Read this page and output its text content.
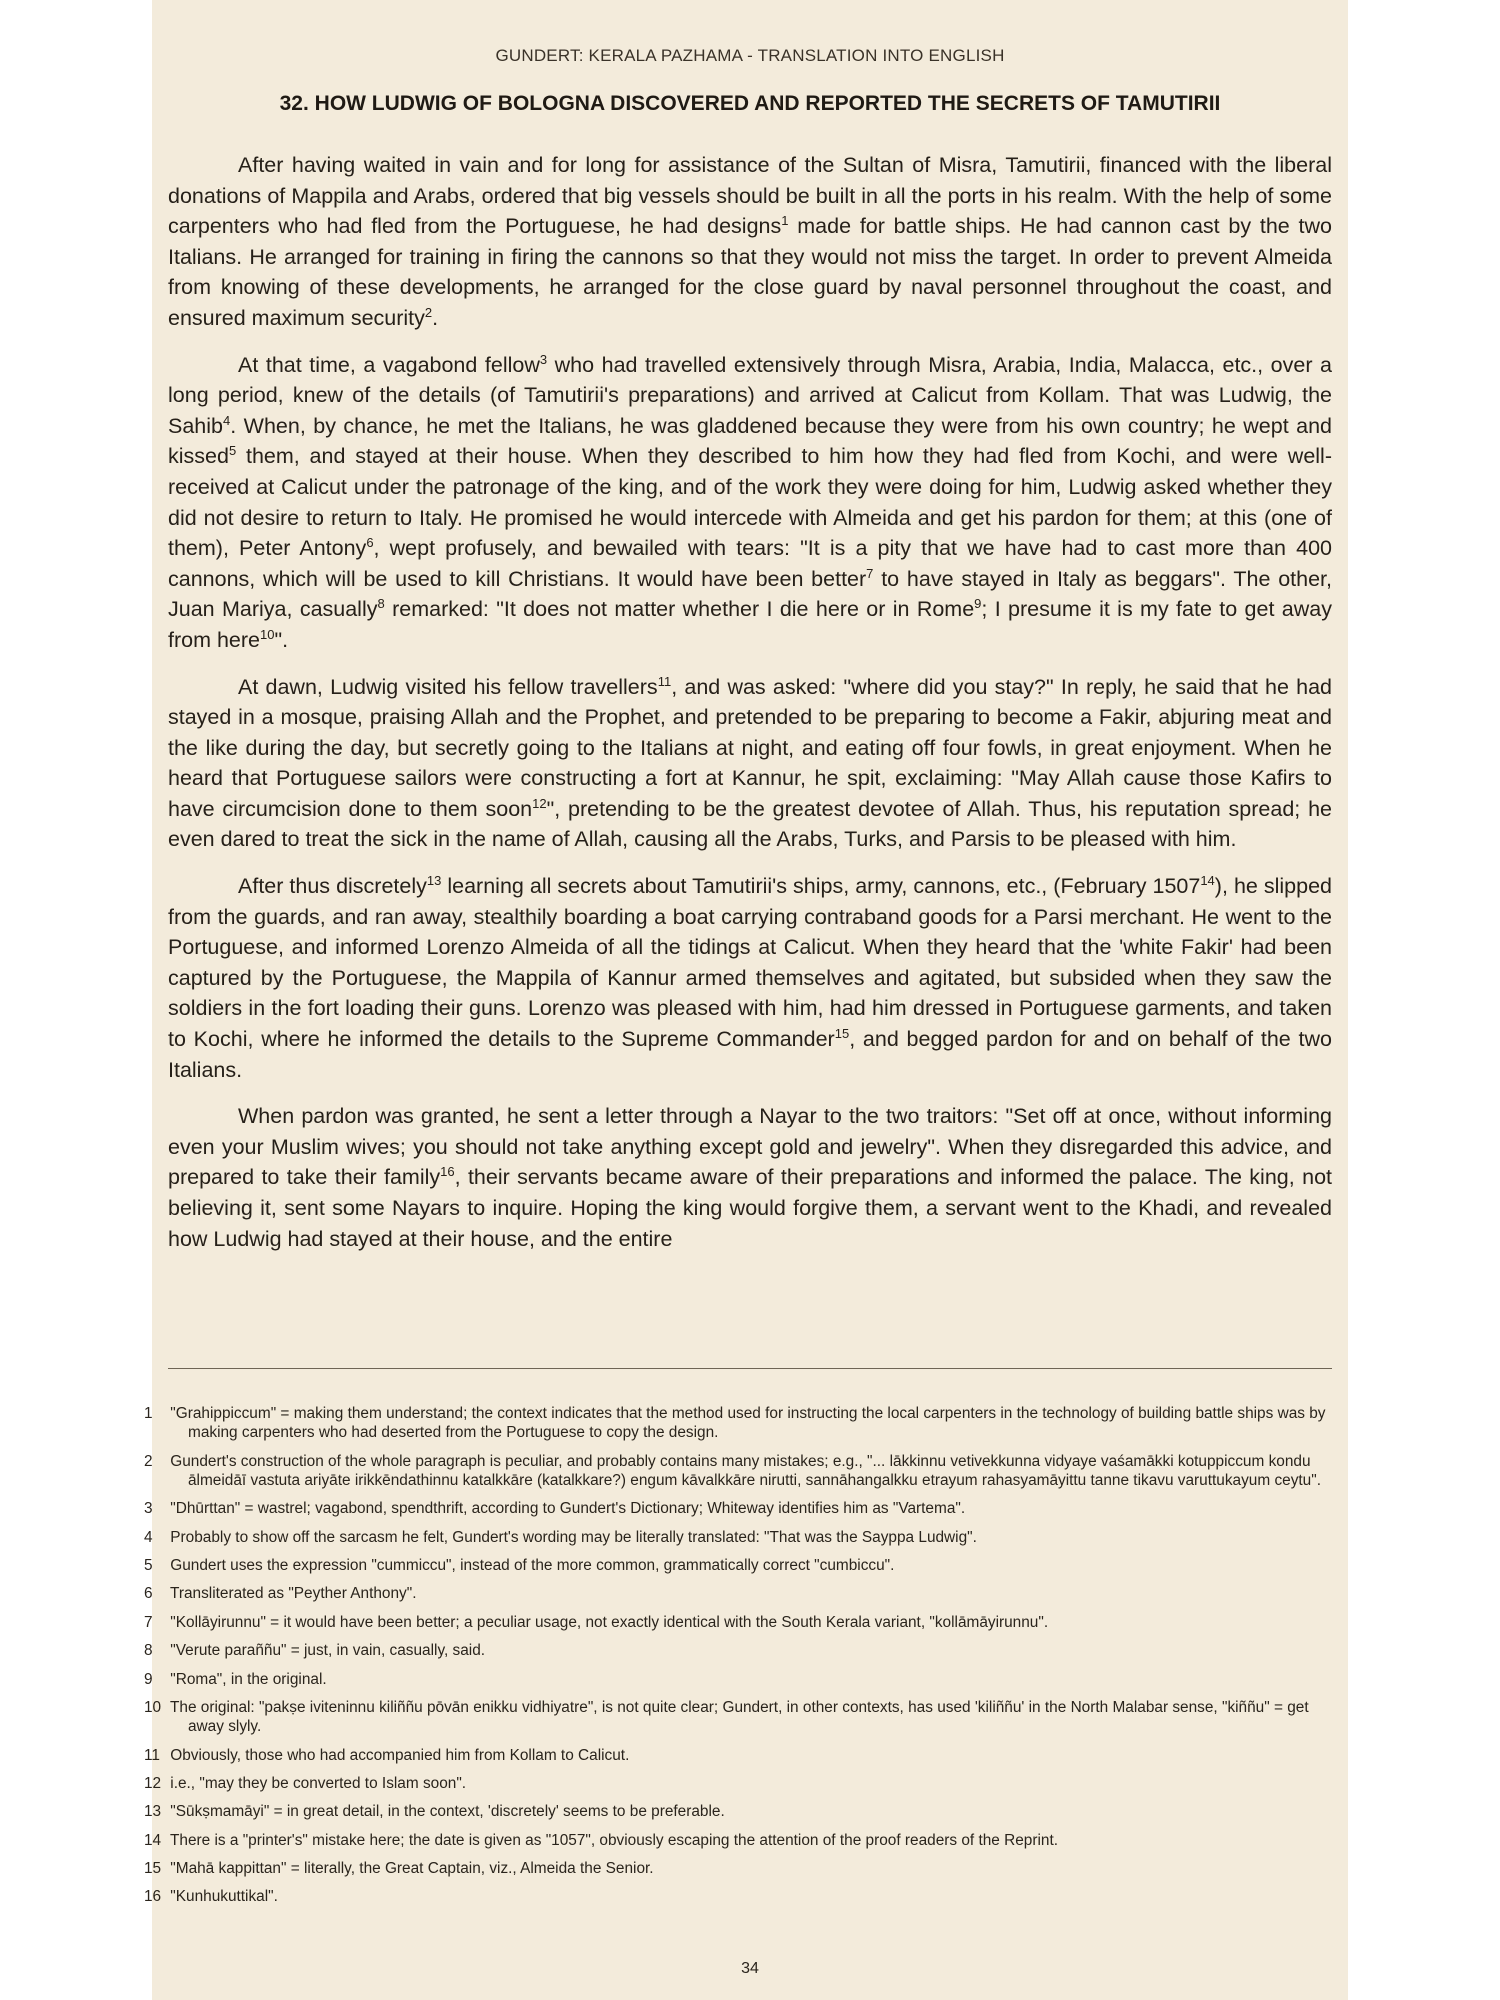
GUNDERT: KERALA PAZHAMA - TRANSLATION INTO ENGLISH
32. HOW LUDWIG OF BOLOGNA DISCOVERED AND REPORTED THE SECRETS OF TAMUTIRII

After having waited in vain and for long for assistance of the Sultan of Misra, Tamutirii, financed with the liberal donations of Mappila and Arabs, ordered that big vessels should be built in all the ports in his realm. With the help of some carpenters who had fled from the Portuguese, he had designs$^1$ made for battle ships. He had cannon cast by the two Italians. He arranged for training in firing the cannons so that they would not miss the target. In order to prevent Almeida from knowing of these developments, he arranged for the close guard by naval personnel throughout the coast, and ensured maximum security$^2$.

At that time, a vagabond fellow$^3$ who had travelled extensively through Misra, Arabia, India, Malacca, etc., over a long period, knew of the details (of Tamutirii's preparations) and arrived at Calicut from Kollam. That was Ludwig, the Sahib$^4$. When, by chance, he met the Italians, he was gladdened because they were from his own country; he wept and kissed$^5$ them, and stayed at their house. When they described to him how they had fled from Kochi, and were well-received at Calicut under the patronage of the king, and of the work they were doing for him, Ludwig asked whether they did not desire to return to Italy. He promised he would intercede with Almeida and get his pardon for them; at this (one of them), Peter Antony$^6$, wept profusely, and bewailed with tears: "It is a pity that we have had to cast more than 400 cannons, which will be used to kill Christians. It would have been better$^7$ to have stayed in Italy as beggars". The other, Juan Mariya, casually$^8$ remarked: "It does not matter whether I die here or in Rome$^9$; I presume it is my fate to get away from here$^{10}$".

At dawn, Ludwig visited his fellow travellers$^{11}$, and was asked: "where did you stay?" In reply, he said that he had stayed in a mosque, praising Allah and the Prophet, and pretended to be preparing to become a Fakir, abjuring meat and the like during the day, but secretly going to the Italians at night, and eating off four fowls, in great enjoyment. When he heard that Portuguese sailors were constructing a fort at Kannur, he spit, exclaiming: "May Allah cause those Kafirs to have circumcision done to them soon$^{12}$", pretending to be the greatest devotee of Allah. Thus, his reputation spread; he even dared to treat the sick in the name of Allah, causing all the Arabs, Turks, and Parsis to be pleased with him.

After thus discretely$^{13}$ learning all secrets about Tamutirii's ships, army, cannons, etc., (February 1507$^{14}$), he slipped from the guards, and ran away, stealthily boarding a boat carrying contraband goods for a Parsi merchant. He went to the Portuguese, and informed Lorenzo Almeida of all the tidings at Calicut. When they heard that the 'white Fakir' had been captured by the Portuguese, the Mappila of Kannur armed themselves and agitated, but subsided when they saw the soldiers in the fort loading their guns. Lorenzo was pleased with him, had him dressed in Portuguese garments, and taken to Kochi, where he informed the details to the Supreme Commander$^{15}$, and begged pardon for and on behalf of the two Italians.

When pardon was granted, he sent a letter through a Nayar to the two traitors: "Set off at once, without informing even your Muslim wives; you should not take anything except gold and jewelry". When they disregarded this advice, and prepared to take their family$^{16}$, their servants became aware of their preparations and informed the palace. The king, not believing it, sent some Nayars to inquire. Hoping the king would forgive them, a servant went to the Khadi, and revealed how Ludwig had stayed at their house, and the entire

1 "Grahippiccum" = making them understand; the context indicates that the method used for instructing the local carpenters in the technology of building battle ships was by making carpenters who had deserted from the Portuguese to copy the design.
2 Gundert's construction of the whole paragraph is peculiar, and probably contains many mistakes; e.g., "... lākkinnu vetivekkunna vidyaye vaśamākki kotuppiccum kondu ālmeidāī vastuta ariyāte irikkēndathinnu katalkkāre (katalkkare?) engum kāvalkkāre nirutti, sannāhangalkku etrayum rahasyamāyittu tanne tikavu varuttukayum ceytu".
3 "Dhūrttan" = wastrel; vagabond, spendthrift, according to Gundert's Dictionary; Whiteway identifies him as "Vartema".
4 Probably to show off the sarcasm he felt, Gundert's wording may be literally translated: "That was the Sayppa Ludwig".
5 Gundert uses the expression "cummiccu", instead of the more common, grammatically correct "cumbiccu".
6 Transliterated as "Peyther Anthony".
7 "Kollāyirunnu" = it would have been better; a peculiar usage, not exactly identical with the South Kerala variant, "kollāmāyirunnu".
8 "Verute paraññu" = just, in vain, casually, said.
9 "Roma", in the original.
10 The original: "pakṣe iviteninnu kiliññu pōvān enikku vidhiyatre", is not quite clear; Gundert, in other contexts, has used 'kiliññu' in the North Malabar sense, "kiññu" = get away slyly.
11 Obviously, those who had accompanied him from Kollam to Calicut.
12 i.e., "may they be converted to Islam soon".
13 "Sūkṣmamāyi" = in great detail, in the context, 'discretely' seems to be preferable.
14 There is a "printer's" mistake here; the date is given as "1057", obviously escaping the attention of the proof readers of the Reprint.
15 "Mahā kappittan" = literally, the Great Captain, viz., Almeida the Senior.
16 "Kunhukuttikal".
34
